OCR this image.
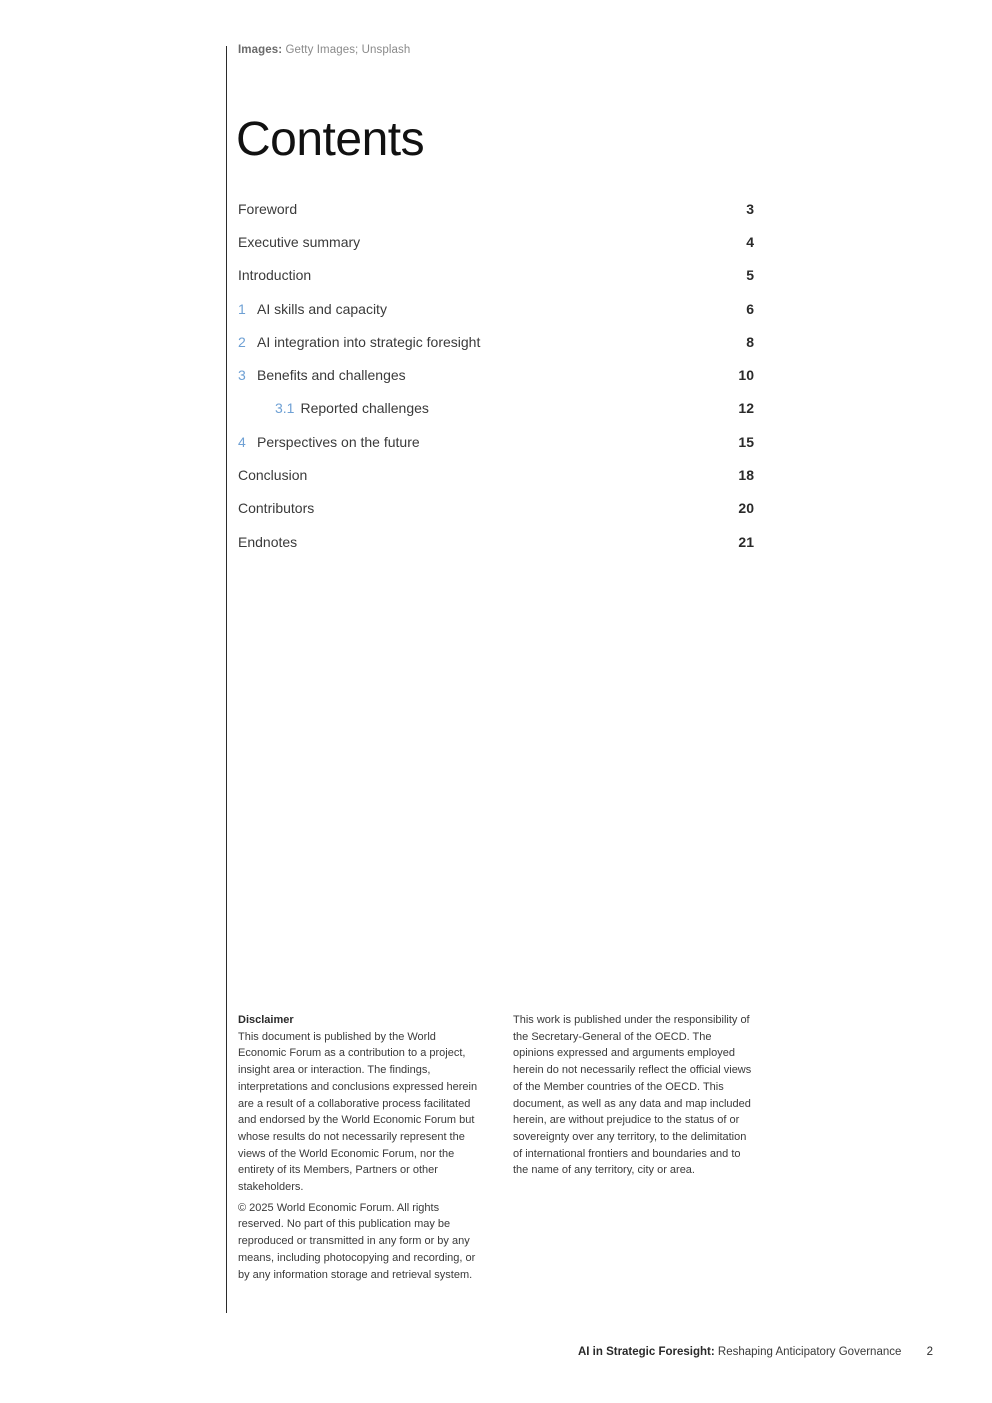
Images: Getty Images; Unsplash
Contents
Foreword	3
Executive summary	4
Introduction	5
1 AI skills and capacity	6
2 AI integration into strategic foresight	8
3 Benefits and challenges	10
3.1 Reported challenges	12
4 Perspectives on the future	15
Conclusion	18
Contributors	20
Endnotes	21
Disclaimer

This document is published by the World Economic Forum as a contribution to a project, insight area or interaction. The findings, interpretations and conclusions expressed herein are a result of a collaborative process facilitated and endorsed by the World Economic Forum but whose results do not necessarily represent the views of the World Economic Forum, nor the entirety of its Members, Partners or other stakeholders.

© 2025 World Economic Forum. All rights reserved. No part of this publication may be reproduced or transmitted in any form or by any means, including photocopying and recording, or by any information storage and retrieval system.

This work is published under the responsibility of the Secretary-General of the OECD. The opinions expressed and arguments employed herein do not necessarily reflect the official views of the Member countries of the OECD. This document, as well as any data and map included herein, are without prejudice to the status of or sovereignty over any territory, to the delimitation of international frontiers and boundaries and to the name of any territory, city or area.

AI in Strategic Foresight: Reshaping Anticipatory Governance 2
